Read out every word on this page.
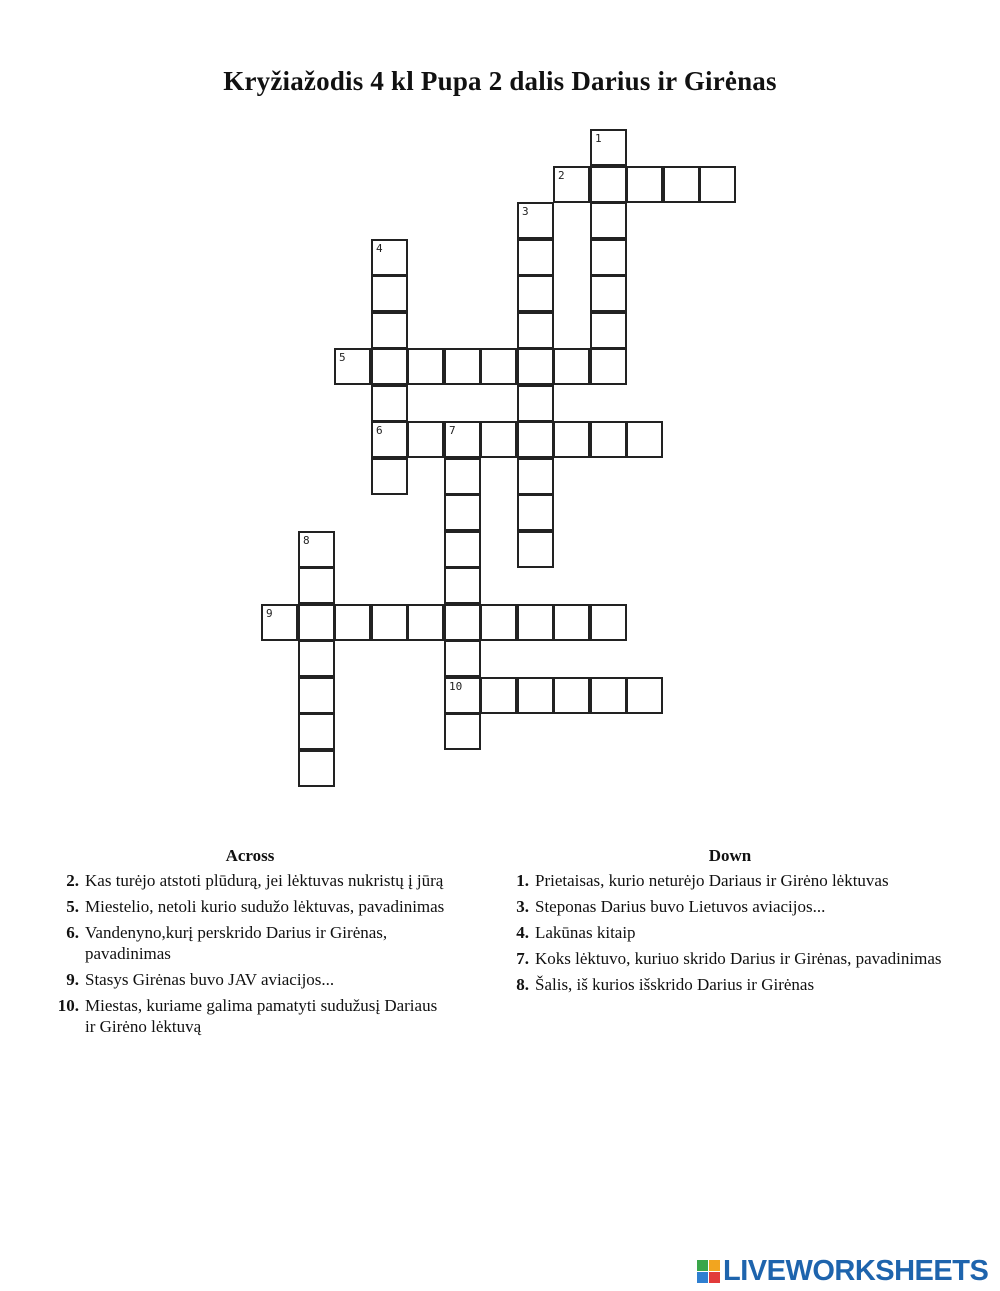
Kryžiažodis 4 kl Pupa 2 dalis Darius ir Girėnas
1
2
3
4
6
5
7
10
8
9
Across
2. Kas turėjo atstoti plūdurą, jei lėktuvas nukristų į jūrą
5. Miestelio, netoli kurio sudužo lėktuvas, pavadinimas
6. Vandenyno,kurį perskrido Darius ir Girėnas, pavadinimas
9. Stasys Girėnas buvo JAV aviacijos...
10. Miestas, kuriame galima pamatyti sudužusį Dariaus ir Girėno lėktuvą
Down
1. Prietaisas, kurio neturėjo Dariaus ir Girėno lėktuvas
3. Steponas Darius buvo Lietuvos aviacijos...
4. Lakūnas kitaip
7. Koks lėktuvo, kuriuo skrido Darius ir Girėnas, pavadinimas
8. Šalis, iš kurios išskrido Darius ir Girėnas
LIVEWORKSHEETS
